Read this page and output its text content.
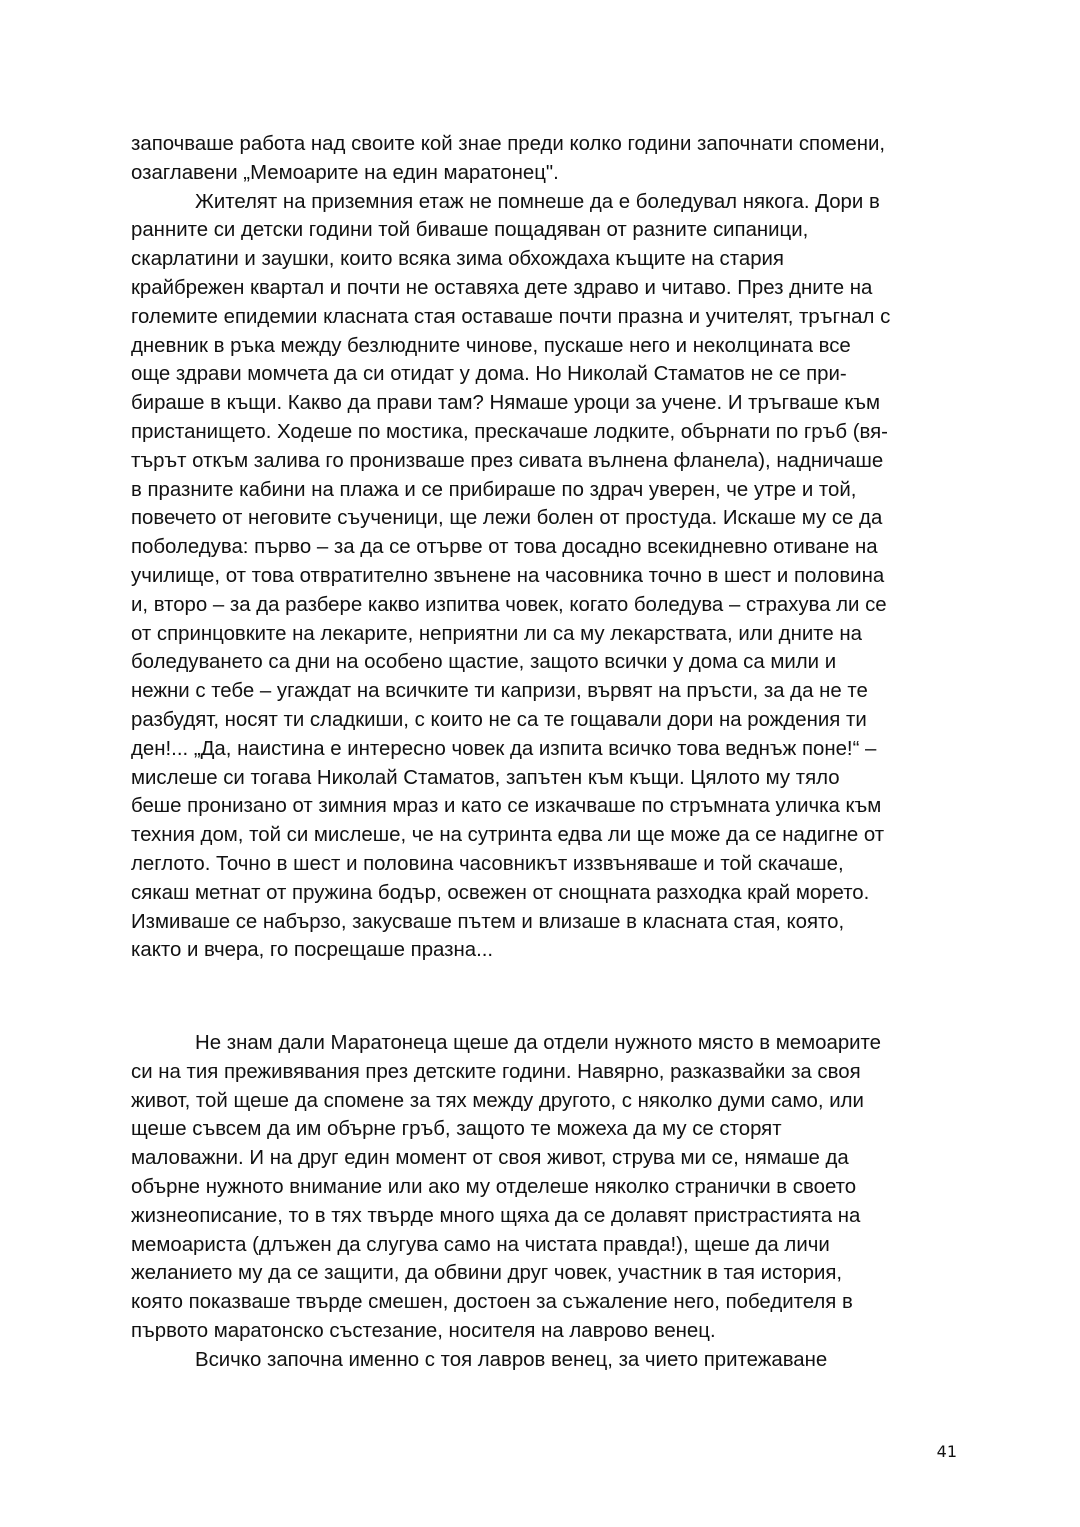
започваше работа над своите кой знае преди колко години започнати спомени,
озаглавени „Мемоарите на един маратонец".
Жителят на приземния етаж не помнеше да е боледувал някога. Дори в
ранните си детски години той биваше пощадяван от разните сипаници,
скарлатини и заушки, които всяка зима обхождаха къщите на стария
крайбрежен квартал и почти не оставяха дете здраво и читаво. През дните на
големите епидемии класната стая оставаше почти празна и учителят, тръгнал с
дневник в ръка между безлюдните чинове, пускаше него и неколцината все
още здрави момчета да си отидат у дома. Но Николай Стаматов не се при-
бираше в къщи. Какво да прави там? Нямаше уроци за учене. И тръгваше към
пристанището. Ходеше по мостика, прескачаше лодките, обърнати по гръб (вя-
търът откъм залива го пронизваше през сивата вълнена фланела), надничаше
в празните кабини на плажа и се прибираше по здрач уверен, че утре и той,
повечето от неговите съученици, ще лежи болен от простуда. Искаше му се да
поболедува: първо – за да се отърве от това досадно всекидневно отиване на
училище, от това отвратително звънене на часовника точно в шест и половина
и, второ – за да разбере какво изпитва човек, когато боледува – страхува ли се
от спринцовките на лекарите, неприятни ли са му лекарствата, или дните на
боледуването са дни на особено щастие, защото всички у дома са мили и
нежни с тебе – угаждат на всичките ти капризи, вървят на пръсти, за да не те
разбудят, носят ти сладкиши, с които не са те гощавали дори на рождения ти
ден!... „Да, наистина е интересно човек да изпита всичко това веднъж поне!“ –
мислеше си тогава Николай Стаматов, запътен към къщи. Цялото му тяло
беше пронизано от зимния мраз и като се изкачваше по стръмната уличка към
техния дом, той си мислеше, че на сутринта едва ли ще може да се надигне от
леглото. Точно в шест и половина часовникът иззвъняваше и той скачаше,
сякаш метнат от пружина бодър, освежен от снощната разходка край морето.
Измиваше се набързо, закусваше пътем и влизаше в класната стая, която,
както и вчера, го посрещаше празна...
Не знам дали Маратонеца щеше да отдели нужното място в мемоарите
си на тия преживявания през детските години. Навярно, разказвайки за своя
живот, той щеше да спомене за тях между другото, с няколко думи само, или
щеше съвсем да им обърне гръб, защото те можеха да му се сторят
маловажни. И на друг един момент от своя живот, струва ми се, нямаше да
обърне нужното внимание или ако му отделеше няколко странички в своето
жизнеописание, то в тях твърде много щяха да се долавят пристрастията на
мемоариста (длъжен да слугува само на чистата правда!), щеше да личи
желанието му да се защити, да обвини друг човек, участник в тая история,
която показваше твърде смешен, достоен за съжаление него, победителя в
първото маратонско състезание, носителя на лаврово венец.
Всичко започна именно с тоя лавров венец, за чието притежаване
41
